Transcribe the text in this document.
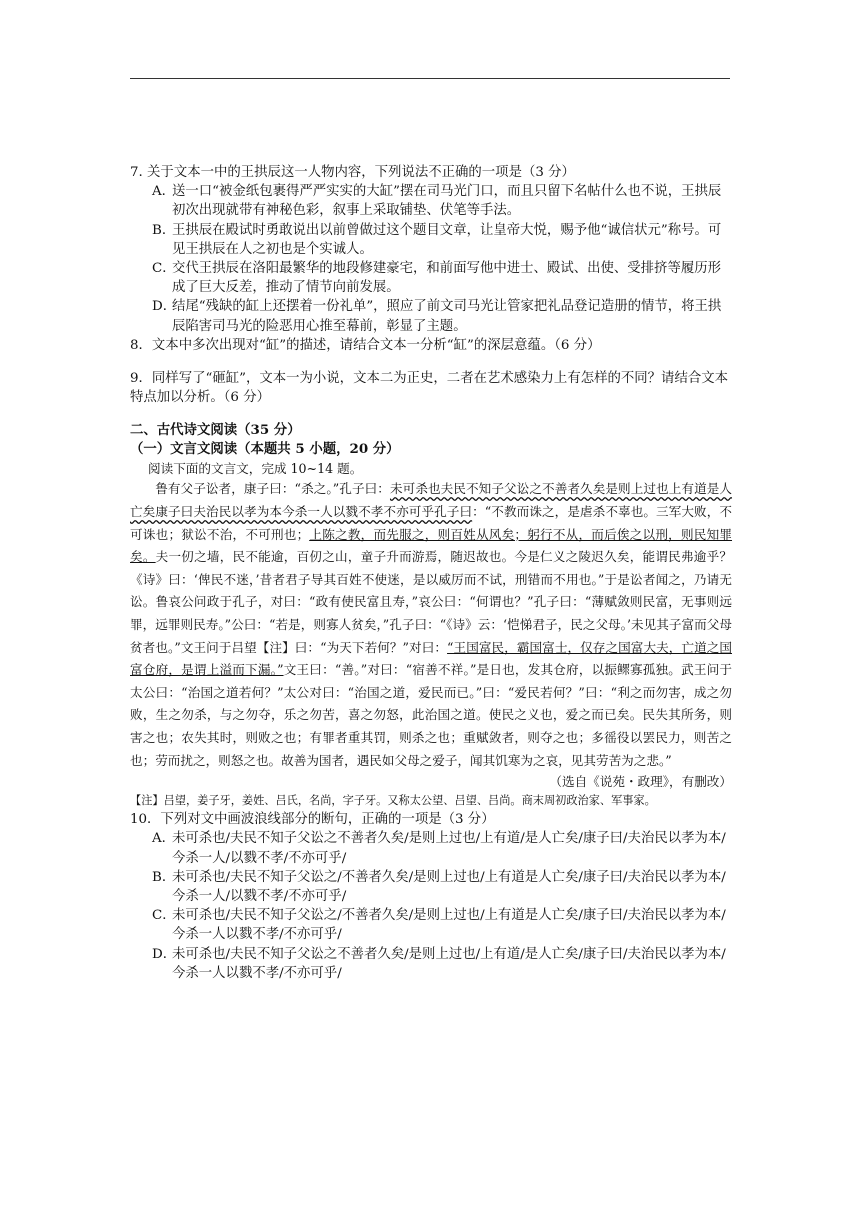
7. 关于文本一中的王拱辰这一人物内容，下列说法不正确的一项是（3 分）
A．
送一口“被金纸包裹得严严实实的大缸”摆在司马光门口，而且只留下名帖什么也不说，王拱辰初次出现就带有神秘色彩，叙事上采取铺垫、伏笔等手法。
B．
王拱辰在殿试时勇敢说出以前曾做过这个题目文章，让皇帝大悦，赐予他“诚信状元”称号。可见王拱辰在人之初也是个实诚人。
C．
交代王拱辰在洛阳最繁华的地段修建豪宅，和前面写他中进士、殿试、出使、受排挤等履历形成了巨大反差，推动了情节向前发展。
D．
结尾“残缺的缸上还摆着一份礼单”，照应了前文司马光让管家把礼品登记造册的情节，将王拱辰陷害司马光的险恶用心推至幕前，彰显了主题。
8．文本中多次出现对“缸”的描述，请结合文本一分析“缸”的深层意蕴。（6 分）
9．同样写了“砸缸”，文本一为小说，文本二为正史，二者在艺术感染力上有怎样的不同？请结合文本特点加以分析。（6 分）
二、古代诗文阅读（35 分）
（一）文言文阅读（本题共 5 小题，20 分）
阅读下面的文言文，完成 10~14 题。
鲁有父子讼者，康子曰：“杀之。”孔子曰：未可杀也夫民不知子父讼之不善者久矣是则上过也上有道是人亡矣康子曰夫治民以孝为本今杀一人以戮不孝不亦可乎孔子曰：“不教而诛之，是虐杀不辜也。三军大败，不可诛也；狱讼不治，不可刑也；上陈之教，而先服之，则百姓从风矣；躬行不从，而后俟之以刑，则民知罪矣。夫一仞之墙，民不能逾，百仞之山，童子升而游焉，随迟故也。今是仁义之陵迟久矣，能谓民弗逾乎？《诗》曰：‘俾民不迷，’昔者君子导其百姓不使迷，是以威厉而不试，刑错而不用也。”于是讼者闻之，乃请无讼。鲁哀公问政于孔子，对曰：“政有使民富且寿，”哀公曰：“何谓也？”孔子曰：“薄赋敛则民富，无事则远罪，远罪则民寿。”公曰：“若是，则寡人贫矣，”孔子曰：“《诗》云：‘恺悌君子，民之父母。’未见其子富而父母贫者也。”文王问于吕望【注】曰：“为天下若何？”对曰：“王国富民，霸国富士，仅存之国富大夫，亡道之国富仓府，是谓上溢而下漏。”文王曰：“善。”对曰：“宿善不祥。”是日也，发其仓府，以振鳏寡孤独。武王问于太公曰：“治国之道若何？”太公对曰：“治国之道，爱民而已。”曰：“爱民若何？”曰：“利之而勿害，成之勿败，生之勿杀，与之勿夺，乐之勿苦，喜之勿怒，此治国之道。使民之义也，爱之而已矣。民失其所务，则害之也；农失其时，则败之也；有罪者重其罚，则杀之也；重赋敛者，则夺之也；多徭役以罢民力，则苦之也；劳而扰之，则怒之也。故善为国者，遇民如父母之爱子，闻其饥寒为之哀，见其劳苦为之悲。”
（选自《说苑・政理》，有删改）
【注】吕望，姜子牙，姜姓、吕氏，名尚，字子牙。又称太公望、吕望、吕尚。商末周初政治家、军事家。
10．下列对文中画波浪线部分的断句，正确的一项是（3 分）
A．
未可杀也/夫民不知子父讼之不善者久矣/是则上过也/上有道/是人亡矣/康子曰/夫治民以孝为本/今杀一人/以戮不孝/不亦可乎/
B．
未可杀也/夫民不知子父讼之/不善者久矣/是则上过也/上有道是人亡矣/康子曰/夫治民以孝为本/今杀一人/以戮不孝/不亦可乎/
C．
未可杀也/夫民不知子父讼之/不善者久矣/是则上过也/上有道是人亡矣/康子曰/夫治民以孝为本/今杀一人以戮不孝/不亦可乎/
D．
未可杀也/夫民不知子父讼之不善者久矣/是则上过也/上有道/是人亡矣/康子曰/夫治民以孝为本/今杀一人以戮不孝/不亦可乎/
